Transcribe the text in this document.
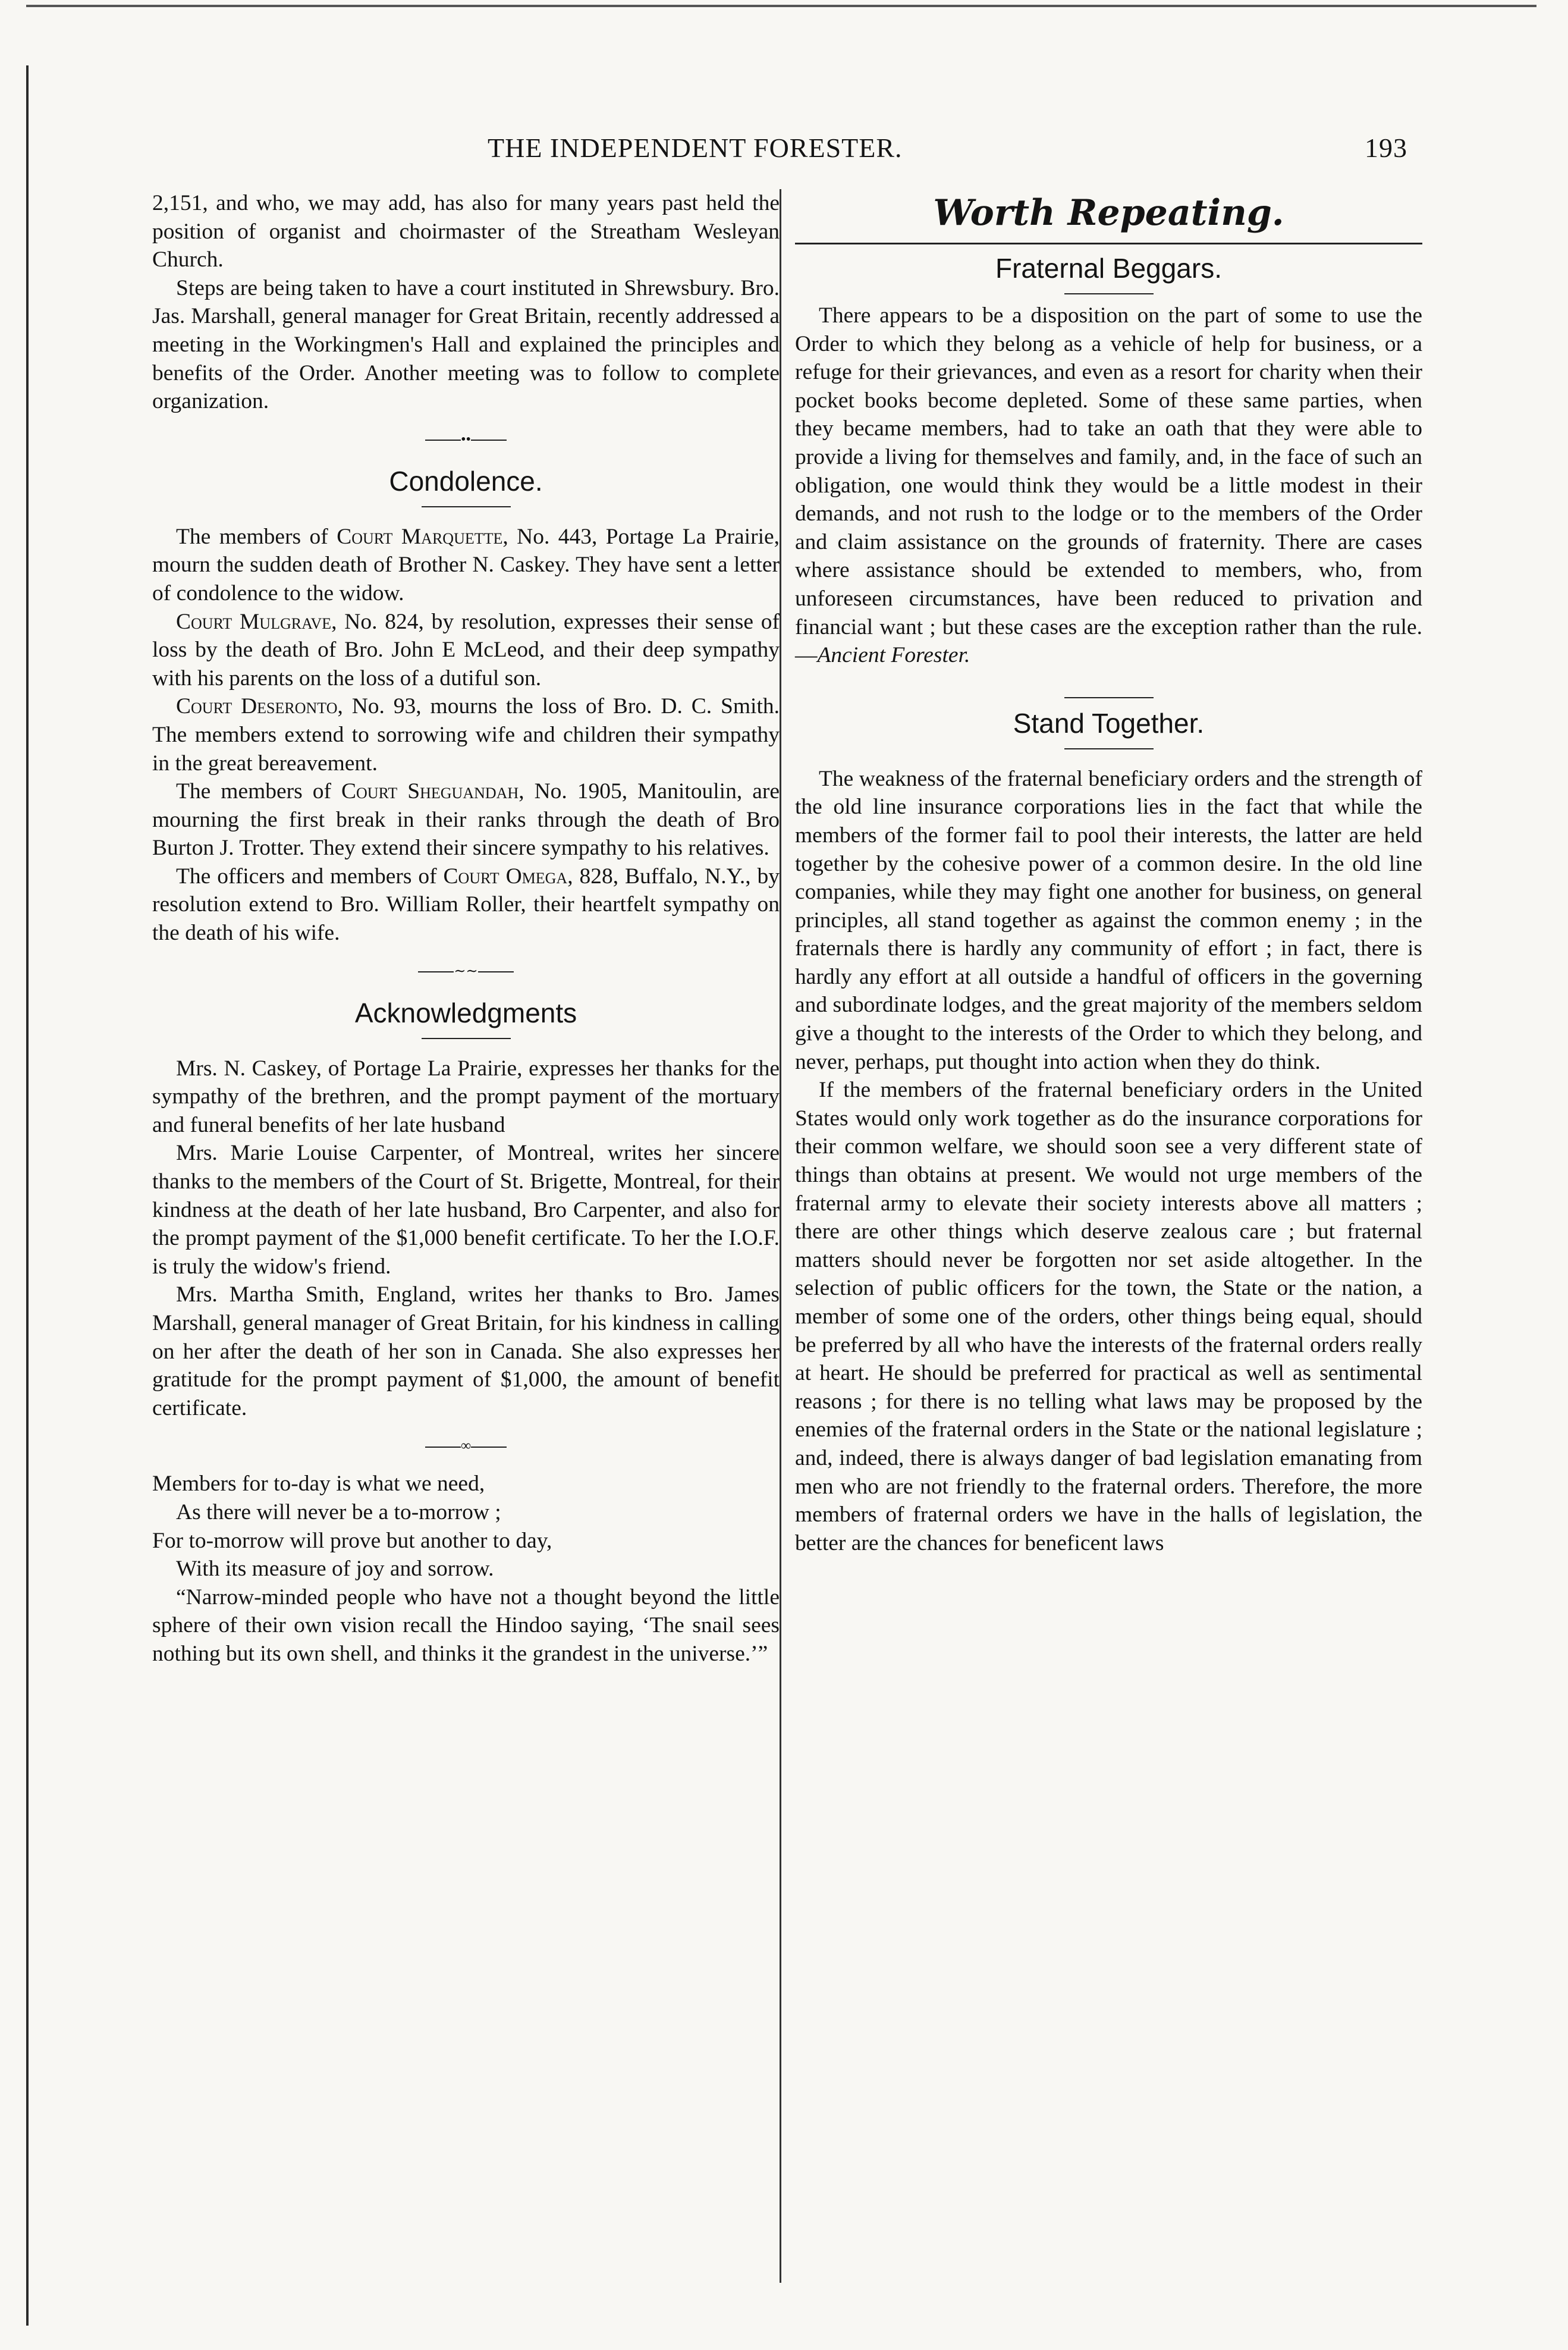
THE INDEPENDENT FORESTER.	193

2,151, and who, we may add, has also for many years past held the position of organist and choirmaster of the Streatham Wesleyan Church.

Steps are being taken to have a court instituted in Shrewsbury. Bro. Jas. Marshall, general manager for Great Britain, recently addressed a meeting in the Workingmen's Hall and explained the principles and benefits of the Order. Another meeting was to follow to complete organization.

••
Condolence.

The members of Court Marquette, No. 443, Portage La Prairie, mourn the sudden death of Brother N. Caskey. They have sent a letter of condolence to the widow.

Court Mulgrave, No. 824, by resolution, expresses their sense of loss by the death of Bro. John E McLeod, and their deep sympathy with his parents on the loss of a dutiful son.

Court Deseronto, No. 93, mourns the loss of Bro. D. C. Smith. The members extend to sorrowing wife and children their sympathy in the great bereavement.

The members of Court Sheguandah, No. 1905, Manitoulin, are mourning the first break in their ranks through the death of Bro Burton J. Trotter. They extend their sincere sympathy to his relatives.

The officers and members of Court Omega, 828, Buffalo, N.Y., by resolution extend to Bro. William Roller, their heartfelt sympathy on the death of his wife.

∼∼
Acknowledgments

Mrs. N. Caskey, of Portage La Prairie, expresses her thanks for the sympathy of the brethren, and the prompt payment of the mortuary and funeral benefits of her late husband

Mrs. Marie Louise Carpenter, of Montreal, writes her sincere thanks to the members of the Court of St. Brigette, Montreal, for their kindness at the death of her late husband, Bro Carpenter, and also for the prompt payment of the $1,000 benefit certificate. To her the I.O.F. is truly the widow's friend.

Mrs. Martha Smith, England, writes her thanks to Bro. James Marshall, general manager of Great Britain, for his kindness in calling on her after the death of her son in Canada. She also expresses her gratitude for the prompt payment of $1,000, the amount of benefit certificate.

∞

Members for to-day is what we need,

As there will never be a to-morrow ;

For to-morrow will prove but another to day,

With its measure of joy and sorrow.

“Narrow-minded people who have not a thought beyond the little sphere of their own vision recall the Hindoo saying, ‘The snail sees nothing but its own shell, and thinks it the grandest in the universe.’”

Worth Repeating.
Fraternal Beggars.

There appears to be a disposition on the part of some to use the Order to which they belong as a vehicle of help for business, or a refuge for their grievances, and even as a resort for charity when their pocket books become depleted. Some of these same parties, when they became members, had to take an oath that they were able to provide a living for themselves and family, and, in the face of such an obligation, one would think they would be a little modest in their demands, and not rush to the lodge or to the members of the Order and claim assistance on the grounds of fraternity. There are cases where assistance should be extended to members, who, from unforeseen circumstances, have been reduced to privation and financial want ; but these cases are the exception rather than the rule.—Ancient Forester.

Stand Together.

The weakness of the fraternal beneficiary orders and the strength of the old line insurance corporations lies in the fact that while the members of the former fail to pool their interests, the latter are held together by the cohesive power of a common desire. In the old line companies, while they may fight one another for business, on general principles, all stand together as against the common enemy ; in the fraternals there is hardly any community of effort ; in fact, there is hardly any effort at all outside a handful of officers in the governing and subordinate lodges, and the great majority of the members seldom give a thought to the interests of the Order to which they belong, and never, perhaps, put thought into action when they do think.

If the members of the fraternal beneficiary orders in the United States would only work together as do the insurance corporations for their common welfare, we should soon see a very different state of things than obtains at present. We would not urge members of the fraternal army to elevate their society interests above all matters ; there are other things which deserve zealous care ; but fraternal matters should never be forgotten nor set aside altogether. In the selection of public officers for the town, the State or the nation, a member of some one of the orders, other things being equal, should be preferred by all who have the interests of the fraternal orders really at heart. He should be preferred for practical as well as sentimental reasons ; for there is no telling what laws may be proposed by the enemies of the fraternal orders in the State or the national legislature ; and, indeed, there is always danger of bad legislation emanating from men who are not friendly to the fraternal orders. Therefore, the more members of fraternal orders we have in the halls of legislation, the better are the chances for beneficent laws
